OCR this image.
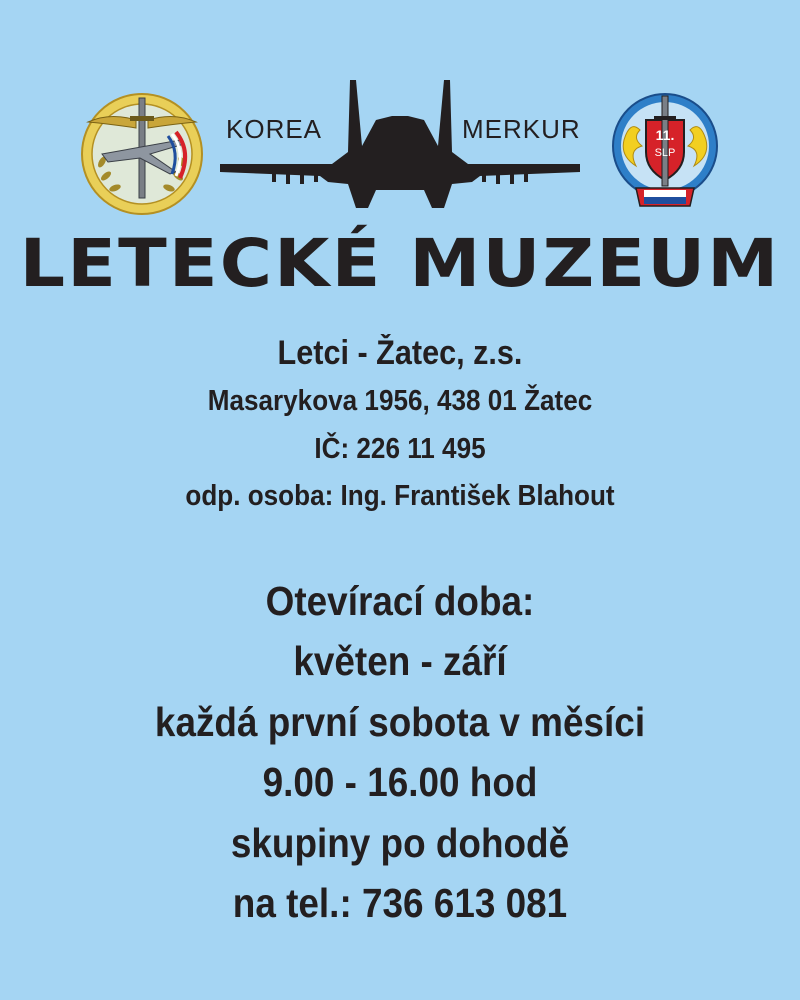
KOREA	MERKUR	11.
SLP
LETECKÉ MUZEUM
Letci - Žatec, z.s.
Masarykova 1956, 438 01 Žatec
IČ: 226 11 495
odp. osoba: Ing. František Blahout
Otevírací doba:
květen - září
každá první sobota v měsíci
9.00 - 16.00 hod
skupiny po dohodě
na tel.: 736 613 081
